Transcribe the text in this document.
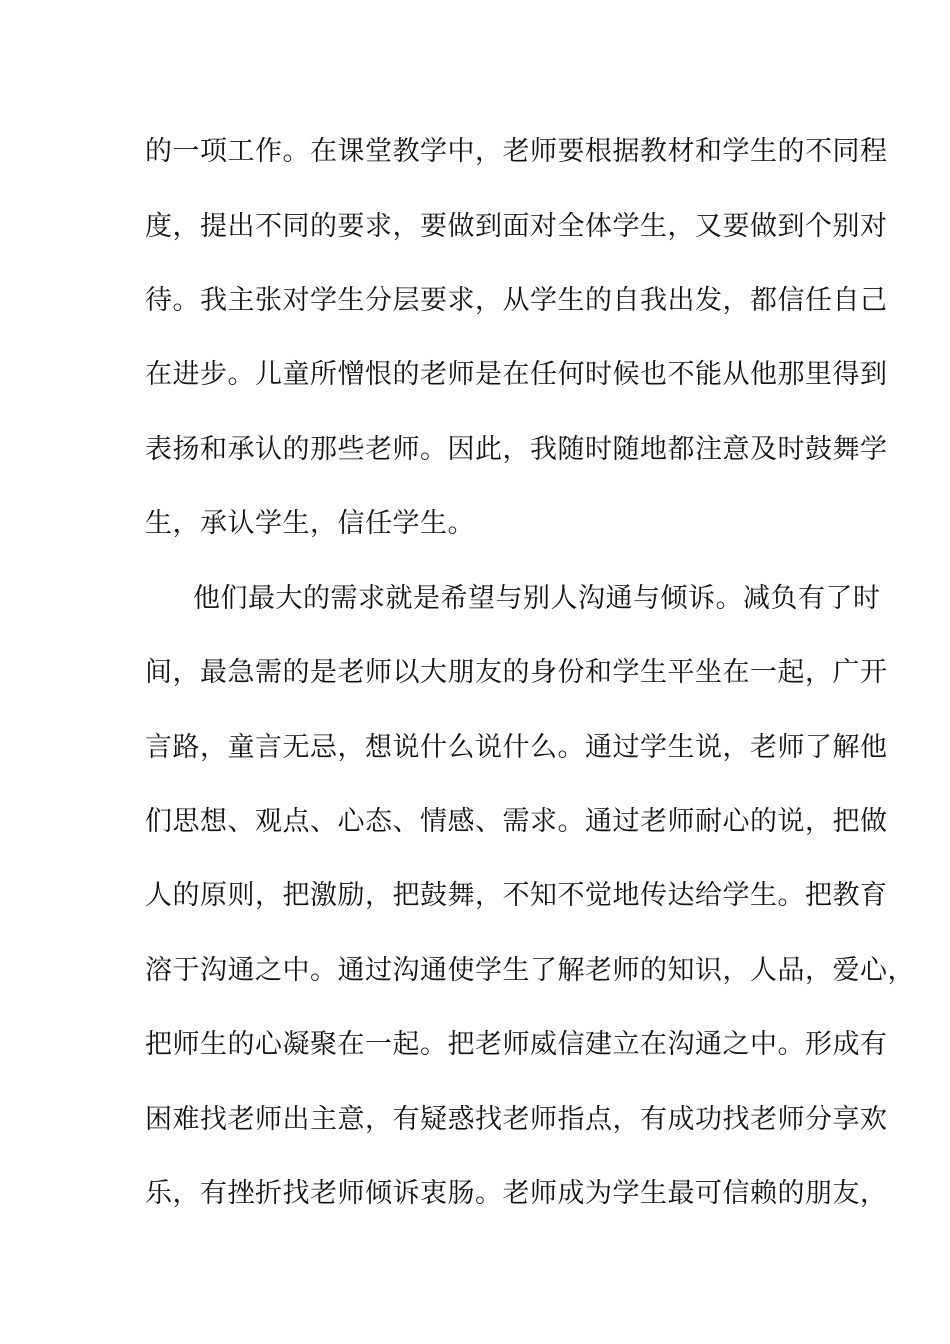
的一项工作。在课堂教学中，老师要根据教材和学生的不同程
度，提出不同的要求，要做到面对全体学生，又要做到个别对
待。我主张对学生分层要求，从学生的自我出发，都信任自己
在进步。儿童所憎恨的老师是在任何时候也不能从他那里得到
表扬和承认的那些老师。因此，我随时随地都注意及时鼓舞学
生，承认学生，信任学生。
他们最大的需求就是希望与别人沟通与倾诉。减负有了时
间，最急需的是老师以大朋友的身份和学生平坐在一起，广开
言路，童言无忌，想说什么说什么。通过学生说，老师了解他
们思想、观点、心态、情感、需求。通过老师耐心的说，把做
人的原则，把激励，把鼓舞，不知不觉地传达给学生。把教育
溶于沟通之中。通过沟通使学生了解老师的知识，人品，爱心，
把师生的心凝聚在一起。把老师威信建立在沟通之中。形成有
困难找老师出主意，有疑惑找老师指点，有成功找老师分享欢
乐，有挫折找老师倾诉衷肠。老师成为学生最可信赖的朋友，
